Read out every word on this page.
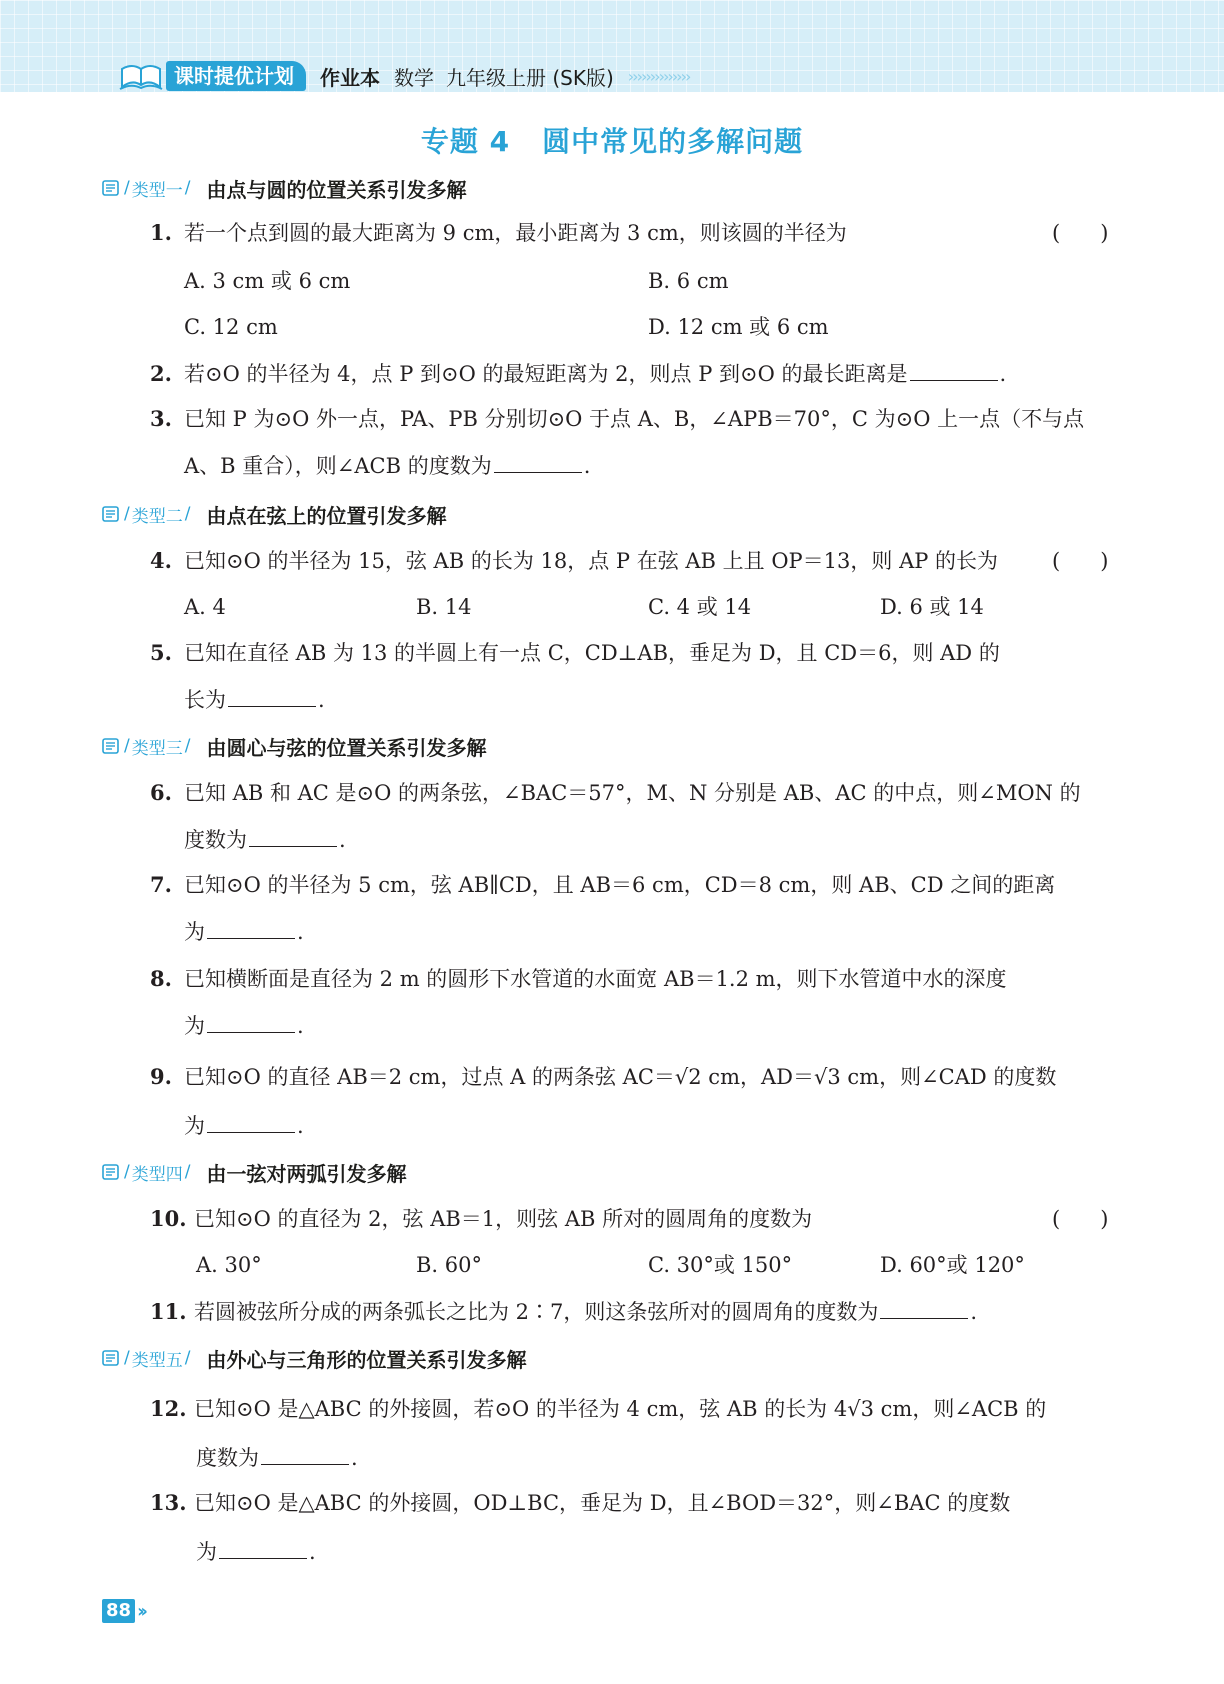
课时提优计划	作业本 数学 九年级上册 (SK版) ››››››››››››››
专题 4 圆中常见的多解问题
/ 类型一 / 由点与圆的位置关系引发多解
1. 若一个点到圆的最大距离为 9 cm，最小距离为 3 cm，则该圆的半径为	(      )
A. 3 cm 或 6 cm	B. 6 cm
C. 12 cm	D. 12 cm 或 6 cm
2. 若⊙O 的半径为 4，点 P 到⊙O 的最短距离为 2，则点 P 到⊙O 的最长距离是	.
3. 已知 P 为⊙O 外一点，PA、PB 分别切⊙O 于点 A、B，∠APB＝70°，C 为⊙O 上一点（不与点
A、B 重合），则∠ACB 的度数为	.
/ 类型二 / 由点在弦上的位置引发多解
4. 已知⊙O 的半径为 15，弦 AB 的长为 18，点 P 在弦 AB 上且 OP＝13，则 AP 的长为	(      )
A. 4	B. 14	C. 4 或 14	D. 6 或 14
5. 已知在直径 AB 为 13 的半圆上有一点 C，CD⊥AB，垂足为 D，且 CD＝6，则 AD 的
长为	.
/ 类型三 / 由圆心与弦的位置关系引发多解
6. 已知 AB 和 AC 是⊙O 的两条弦，∠BAC＝57°，M、N 分别是 AB、AC 的中点，则∠MON 的
度数为	.
7. 已知⊙O 的半径为 5 cm，弦 AB∥CD，且 AB＝6 cm，CD＝8 cm，则 AB、CD 之间的距离
为	.
8. 已知横断面是直径为 2 m 的圆形下水管道的水面宽 AB＝1.2 m，则下水管道中水的深度
为	.
9. 已知⊙O 的直径 AB＝2 cm，过点 A 的两条弦 AC＝√2 cm，AD＝√3 cm，则∠CAD 的度数
为	.
/ 类型四 / 由一弦对两弧引发多解
10. 已知⊙O 的直径为 2，弦 AB＝1，则弦 AB 所对的圆周角的度数为	(      )
A. 30°	B. 60°	C. 30°或 150°	D. 60°或 120°
11. 若圆被弦所分成的两条弧长之比为 2∶7，则这条弦所对的圆周角的度数为	.
/ 类型五 / 由外心与三角形的位置关系引发多解
12. 已知⊙O 是△ABC 的外接圆，若⊙O 的半径为 4 cm，弦 AB 的长为 4√3 cm，则∠ACB 的
度数为	.
13. 已知⊙O 是△ABC 的外接圆，OD⊥BC，垂足为 D，且∠BOD＝32°，则∠BAC 的度数
为	.
88 ››
